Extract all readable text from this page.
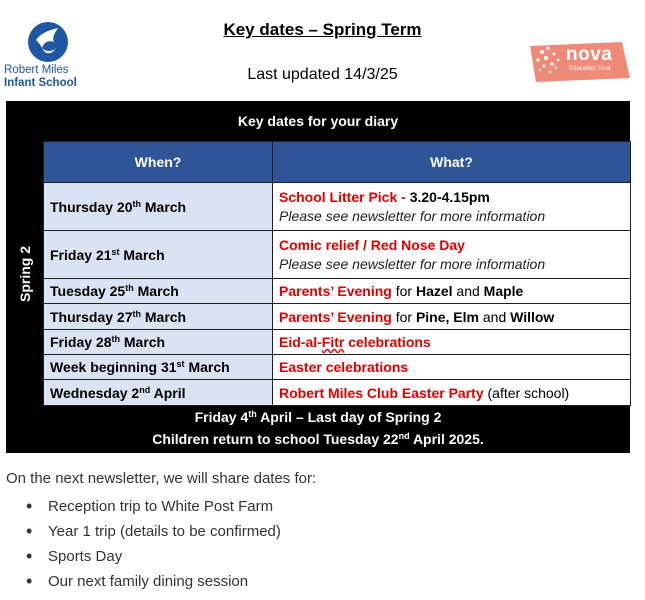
Robert Miles
Infant School
Key dates – Spring Term
Last updated 14/3/25
nova
Education Trust
Key dates for your diary
Spring 2
When?	What?
Thursday 20th March	School Litter Pick - 3.20-4.15pm
Please see newsletter for more information

Friday 21st March	Comic relief / Red Nose Day
Please see newsletter for more information

Tuesday 25th March	Parents’ Evening for Hazel and Maple
Thursday 27th March	Parents’ Evening for Pine, Elm and Willow
Friday 28th March	Eid-al-Fitr celebrations
Week beginning 31st March	Easter celebrations
Wednesday 2nd April	Robert Miles Club Easter Party (after school)
Friday 4th April – Last day of Spring 2
Children return to school Tuesday 22nd April 2025.
On the next newsletter, we will share dates for:
• Reception trip to White Post Farm
• Year 1 trip (details to be confirmed)
• Sports Day
• Our next family dining session
